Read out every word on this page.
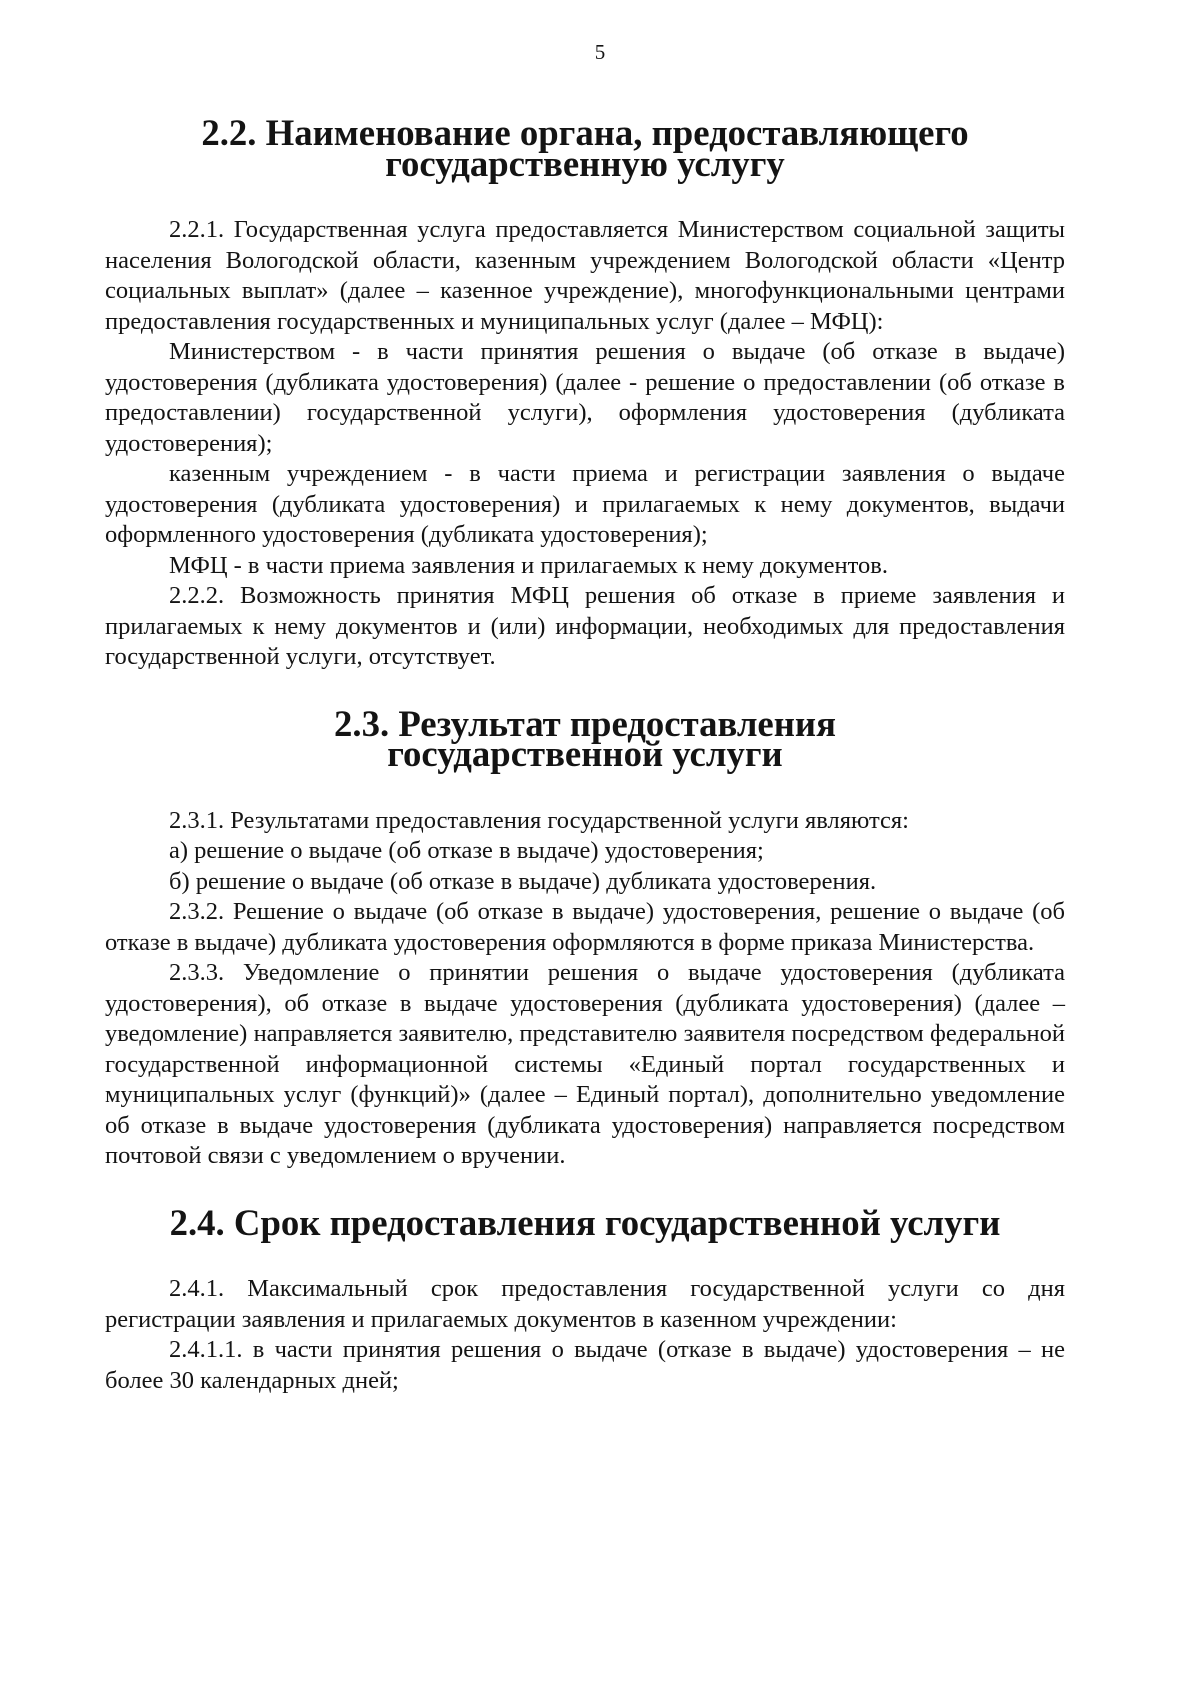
5
2.2. Наименование органа, предоставляющего
государственную услугу

2.2.1. Государственная услуга предоставляется Министерством социальной защиты населения Вологодской области, казенным учреждением Вологодской области «Центр социальных выплат» (далее – казенное учреждение), многофункциональными центрами предоставления государственных и муниципальных услуг (далее – МФЦ):

Министерством - в части принятия решения о выдаче (об отказе в выдаче) удостоверения (дубликата удостоверения) (далее - решение о предоставлении (об отказе в предоставлении) государственной услуги), оформления удостоверения (дубликата удостоверения);

казенным учреждением - в части приема и регистрации заявления о выдаче удостоверения (дубликата удостоверения) и прилагаемых к нему документов, выдачи оформленного удостоверения (дубликата удостоверения);

МФЦ - в части приема заявления и прилагаемых к нему документов.

2.2.2. Возможность принятия МФЦ решения об отказе в приеме заявления и прилагаемых к нему документов и (или) информации, необходимых для предоставления государственной услуги, отсутствует.

2.3. Результат предоставления
государственной услуги

2.3.1. Результатами предоставления государственной услуги являются:

а) решение о выдаче (об отказе в выдаче) удостоверения;

б) решение о выдаче (об отказе в выдаче) дубликата удостоверения.

2.3.2. Решение о выдаче (об отказе в выдаче) удостоверения, решение о выдаче (об отказе в выдаче) дубликата удостоверения оформляются в форме приказа Министерства.

2.3.3. Уведомление о принятии решения о выдаче удостоверения (дубликата удостоверения), об отказе в выдаче удостоверения (дубликата удостоверения) (далее – уведомление) направляется заявителю, представителю заявителя посредством федеральной государственной информационной системы «Единый портал государственных и муниципальных услуг (функций)» (далее – Единый портал), дополнительно уведомление об отказе в выдаче удостоверения (дубликата удостоверения) направляется посредством почтовой связи с уведомлением о вручении.

2.4. Срок предоставления государственной услуги

2.4.1. Максимальный срок предоставления государственной услуги со дня регистрации заявления и прилагаемых документов в казенном учреждении:

2.4.1.1. в части принятия решения о выдаче (отказе в выдаче) удостоверения – не более 30 календарных дней;
